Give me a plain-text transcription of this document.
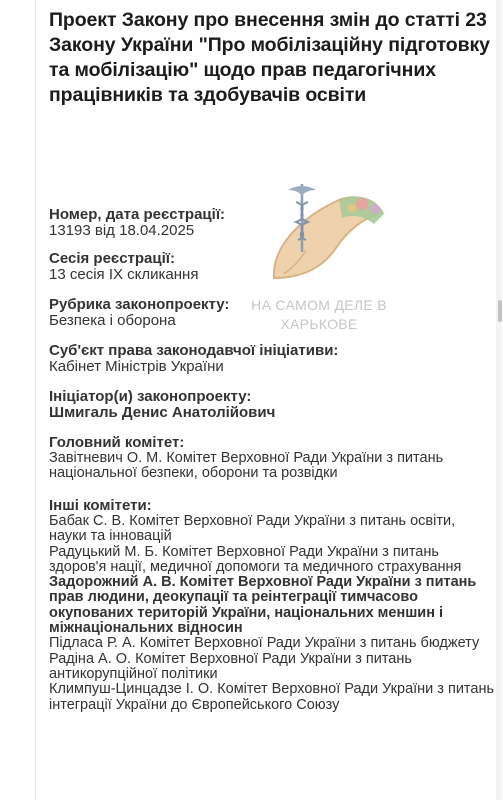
Проект Закону про внесення змін до статті 23 Закону України "Про мобілізаційну підготовку та мобілізацію" щодо прав педагогічних працівників та здобувачів освіти
НА САМОМ ДЕЛЕ В
ХАРЬКОВЕ

Номер, дата реєстрації:

13193 від 18.04.2025

Сесія реєстрації:

13 сесія IX скликання

Рубрика законопроекту:

Безпека і оборона

Суб'єкт права законодавчої ініціативи:

Кабінет Міністрів України

Ініціатор(и) законопроекту:

Шмигаль Денис Анатолійович

Головний комітет:

Завітневич О. М. Комітет Верховної Ради України з питань національної безпеки, оборони та розвідки

Інші комітети:

Бабак С. В. Комітет Верховної Ради України з питань освіти, науки та інновацій
Радуцький М. Б. Комітет Верховної Ради України з питань здоров'я нації, медичної допомоги та медичного страхування
Задорожний А. В. Комітет Верховної Ради України з питань прав людини, деокупації та реінтеграції тимчасово окупованих територій України, національних меншин і міжнаціональних відносин
Підласа Р. А. Комітет Верховної Ради України з питань бюджету
Радіна А. О. Комітет Верховної Ради України з питань антикорупційної політики
Климпуш-Цинцадзе І. О. Комітет Верховної Ради України з питань інтеграції України до Європейського Союзу
